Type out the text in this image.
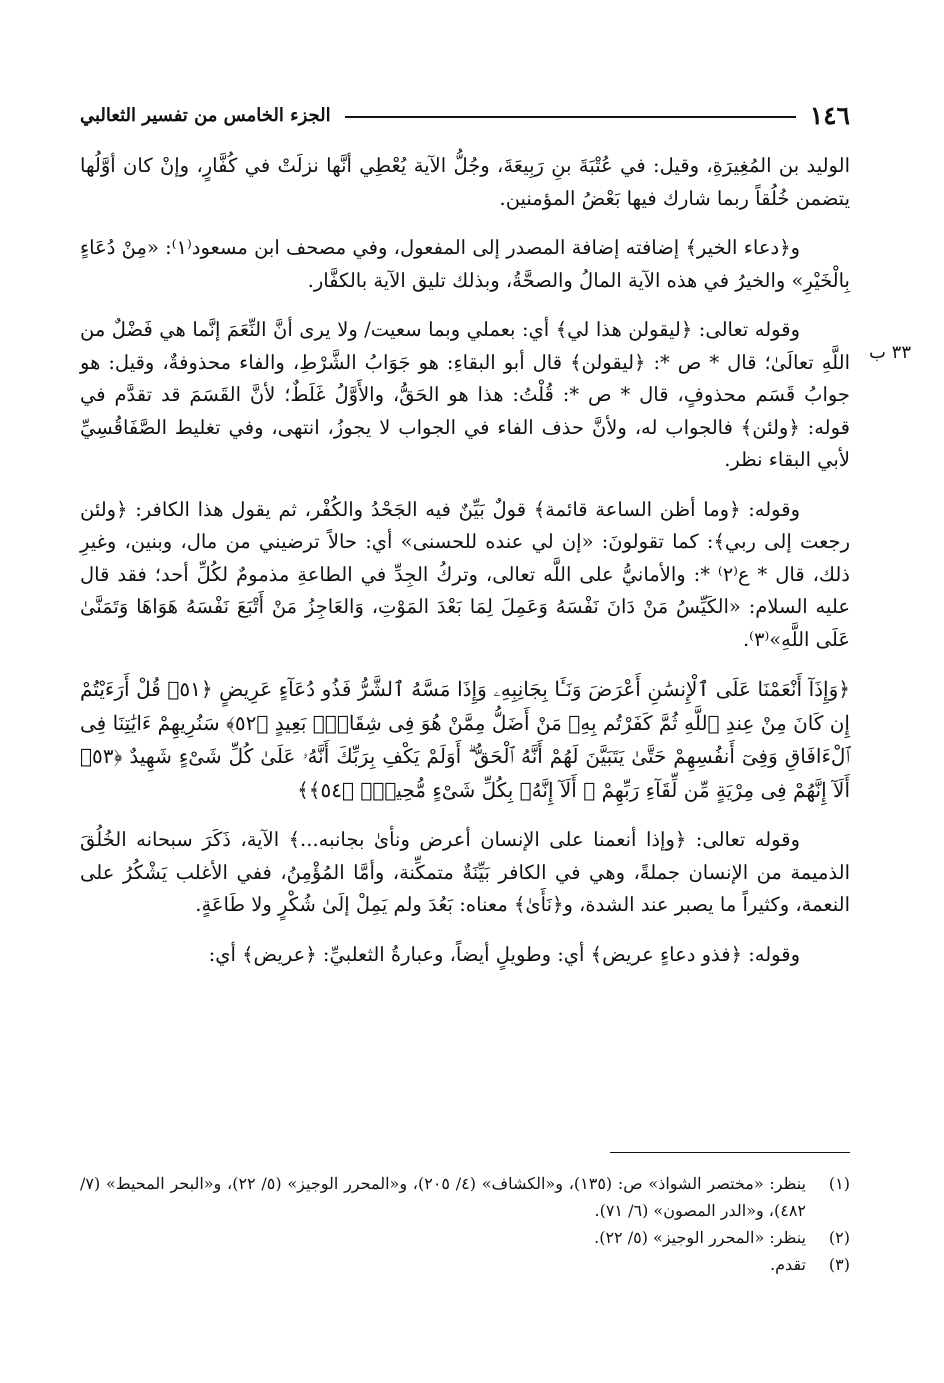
١٤٦
الجزء الخامس من تفسير الثعالبي
٣٣ ب

الوليد بن المُغِيرَةِ، وقيل: في عُتْبَةَ بنِ رَبِيعَةَ، وجُلُّ الآية يُعْطِي أنَّها نزلَتْ في كُفَّارٍ، وإنْ كان أوَّلُها يتضمن خُلُقاً ربما شارك فيها بَعْضُ المؤمنين.

و﴿دعاء الخير﴾ إضافته إضافة المصدر إلى المفعول، وفي مصحف ابن مسعود⁽١⁾: «مِنْ دُعَاءٍ بِالْخَيْرِ» والخيرُ في هذه الآية المالُ والصحَّةُ، وبذلك تليق الآية بالكفَّار.

وقوله تعالى: ﴿ليقولن هذا لي﴾ أي: بعملي وبما سعيت/ ولا يرى أنَّ النِّعَمَ إنَّما هي فَضْلٌ من اللَّهِ تعالَىٰ؛ قال * ص *: ﴿ليقولن﴾ قال أبو البقاءِ: هو جَوَابُ الشَّرْطِ، والفاء محذوفةٌ، وقيل: هو جوابُ قَسَم محذوفٍ، قال * ص *: قُلْتُ: هذا هو الحَقُّ، والأَوَّلُ غَلَطٌ؛ لأنَّ القَسَمَ قد تقدَّم في قوله: ﴿ولئن﴾ فالجواب له، ولأنَّ حذف الفاء في الجواب لا يجوزُ، انتهى، وفي تغليط الصَّفَاقُسِيِّ لأبي البقاء نظر.

وقوله: ﴿وما أظن الساعة قائمة﴾ قولٌ بَيِّنٌ فيه الجَحْدُ والكُفْر، ثم يقول هذا الكافر: ﴿ولئن رجعت إلى ربي﴾: كما تقولونَ: «إن لي عنده للحسنى» أي: حالاً ترضيني من مال، وبنين، وغيرِ ذلك، قال * ع⁽٢⁾ *: والأمانيُّ على اللَّه تعالى، وتركُ الجِدِّ في الطاعةِ مذمومٌ لكُلِّ أحد؛ فقد قال عليه السلام: «الكَيِّسُ مَنْ دَانَ نَفْسَهُ وَعَمِلَ لِمَا بَعْدَ المَوْتِ، وَالعَاجِزُ مَنْ أَتْبَعَ نَفْسَهُ هَوَاهَا وَتَمَنَّىٰ عَلَى اللَّهِ»⁽٣⁾.

﴿وَإِذَآ أَنْعَمْنَا عَلَى ٱلْإِنسَٰنِ أَعْرَضَ وَنَـَٔا بِجَانِبِهِۦ وَإِذَا مَسَّهُ ٱلشَّرُّ فَذُو دُعَآءٍ عَرِيضٍ ﴿٥١﴾ قُلْ أَرَءَيْتُمْ إِن كَانَ مِنْ عِندِ ٱللَّهِ ثُمَّ كَفَرْتُم بِهِۦ مَنْ أَضَلُّ مِمَّنْ هُوَ فِى شِقَاقٍۭ بَعِيدٍ ﴿٥٢﴾ سَنُرِيهِمْ ءَايَٰتِنَا فِى ٱلْءَافَاقِ وَفِىٓ أَنفُسِهِمْ حَتَّىٰ يَتَبَيَّنَ لَهُمْ أَنَّهُ ٱلْحَقُّ ۗ أَوَلَمْ يَكْفِ بِرَبِّكَ أَنَّهُۥ عَلَىٰ كُلِّ شَىْءٍ شَهِيدٌ ﴿٥٣﴾ أَلَآ إِنَّهُمْ فِى مِرْيَةٍ مِّن لِّقَآءِ رَبِّهِمْ ۗ أَلَآ إِنَّهُۥ بِكُلِّ شَىْءٍ مُّحِيطٌۢ ﴿٥٤﴾﴾

وقوله تعالى: ﴿وإذا أنعمنا على الإنسان أعرض ونأىٰ بجانبه...﴾ الآية، ذَكَرَ سبحانه الخُلُقَ الذميمة من الإنسان جملةً، وهي في الكافر بَيِّنَةٌ متمكِّنة، وأمَّا المُؤْمِنُ، ففي الأغلب يَشْكُرُ على النعمة، وكثيراً ما يصبر عند الشدة، و﴿نَأَىٰ﴾ معناه: بَعُدَ ولم يَمِلْ إلَىٰ شُكْرٍ ولا طَاعَةٍ.

وقوله: ﴿فذو دعاءٍ عريض﴾ أي: وطويلٍ أيضاً، وعبارةُ الثعلبيِّ: ﴿عريض﴾ أي:

(١)
ينظر: «مختصر الشواذ» ص: (١٣٥)، و«الكشاف» (٤/ ٢٠٥)، و«المحرر الوجيز» (٥/ ٢٢)، و«البحر المحيط» (٧/ ٤٨٢)، و«الدر المصون» (٦/ ٧١).
(٢)
ينظر: «المحرر الوجيز» (٥/ ٢٢).
(٣)
تقدم.
